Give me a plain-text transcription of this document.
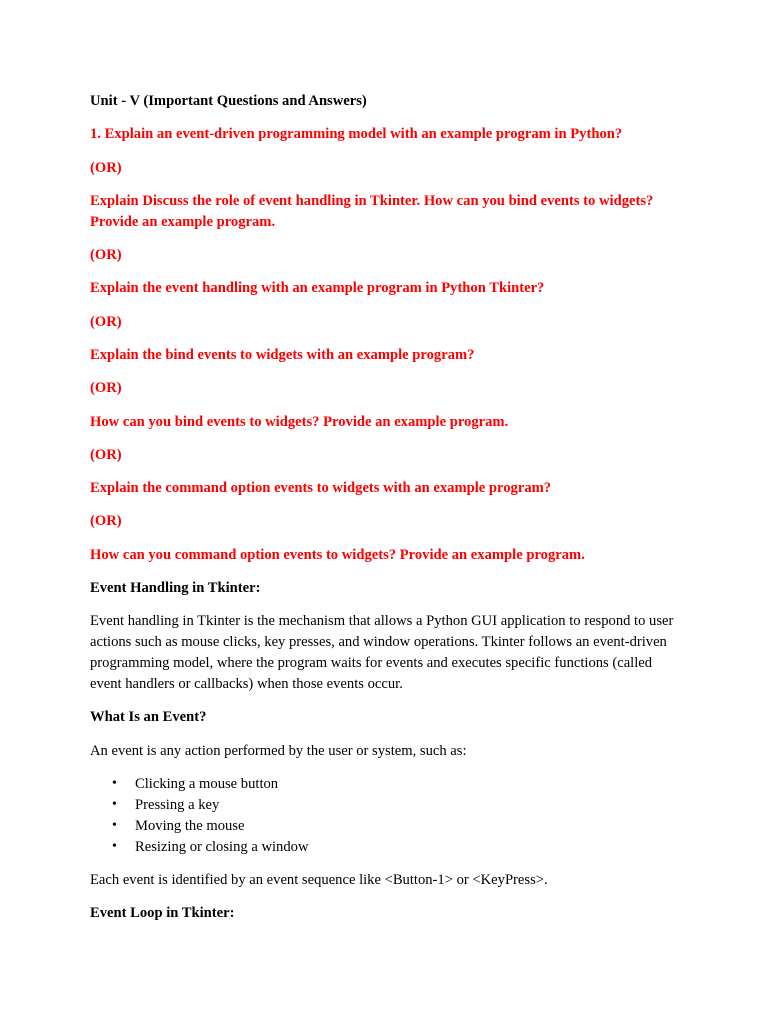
Unit - V (Important Questions and Answers)

1. Explain an event-driven programming model with an example program in Python?

(OR)

Explain Discuss the role of event handling in Tkinter. How can you bind events to widgets? Provide an example program.

(OR)

Explain the event handling with an example program in Python Tkinter?

(OR)

Explain the bind events to widgets with an example program?

(OR)

How can you bind events to widgets? Provide an example program.

(OR)

Explain the command option events to widgets with an example program?

(OR)

How can you command option events to widgets? Provide an example program.

Event Handling in Tkinter:

Event handling in Tkinter is the mechanism that allows a Python GUI application to respond to user actions such as mouse clicks, key presses, and window operations. Tkinter follows an event-driven programming model, where the program waits for events and executes specific functions (called event handlers or callbacks) when those events occur.

What Is an Event?

An event is any action performed by the user or system, such as:

• Clicking a mouse button
• Pressing a key
• Moving the mouse
• Resizing or closing a window

Each event is identified by an event sequence like <Button-1> or <KeyPress>.

Event Loop in Tkinter:
